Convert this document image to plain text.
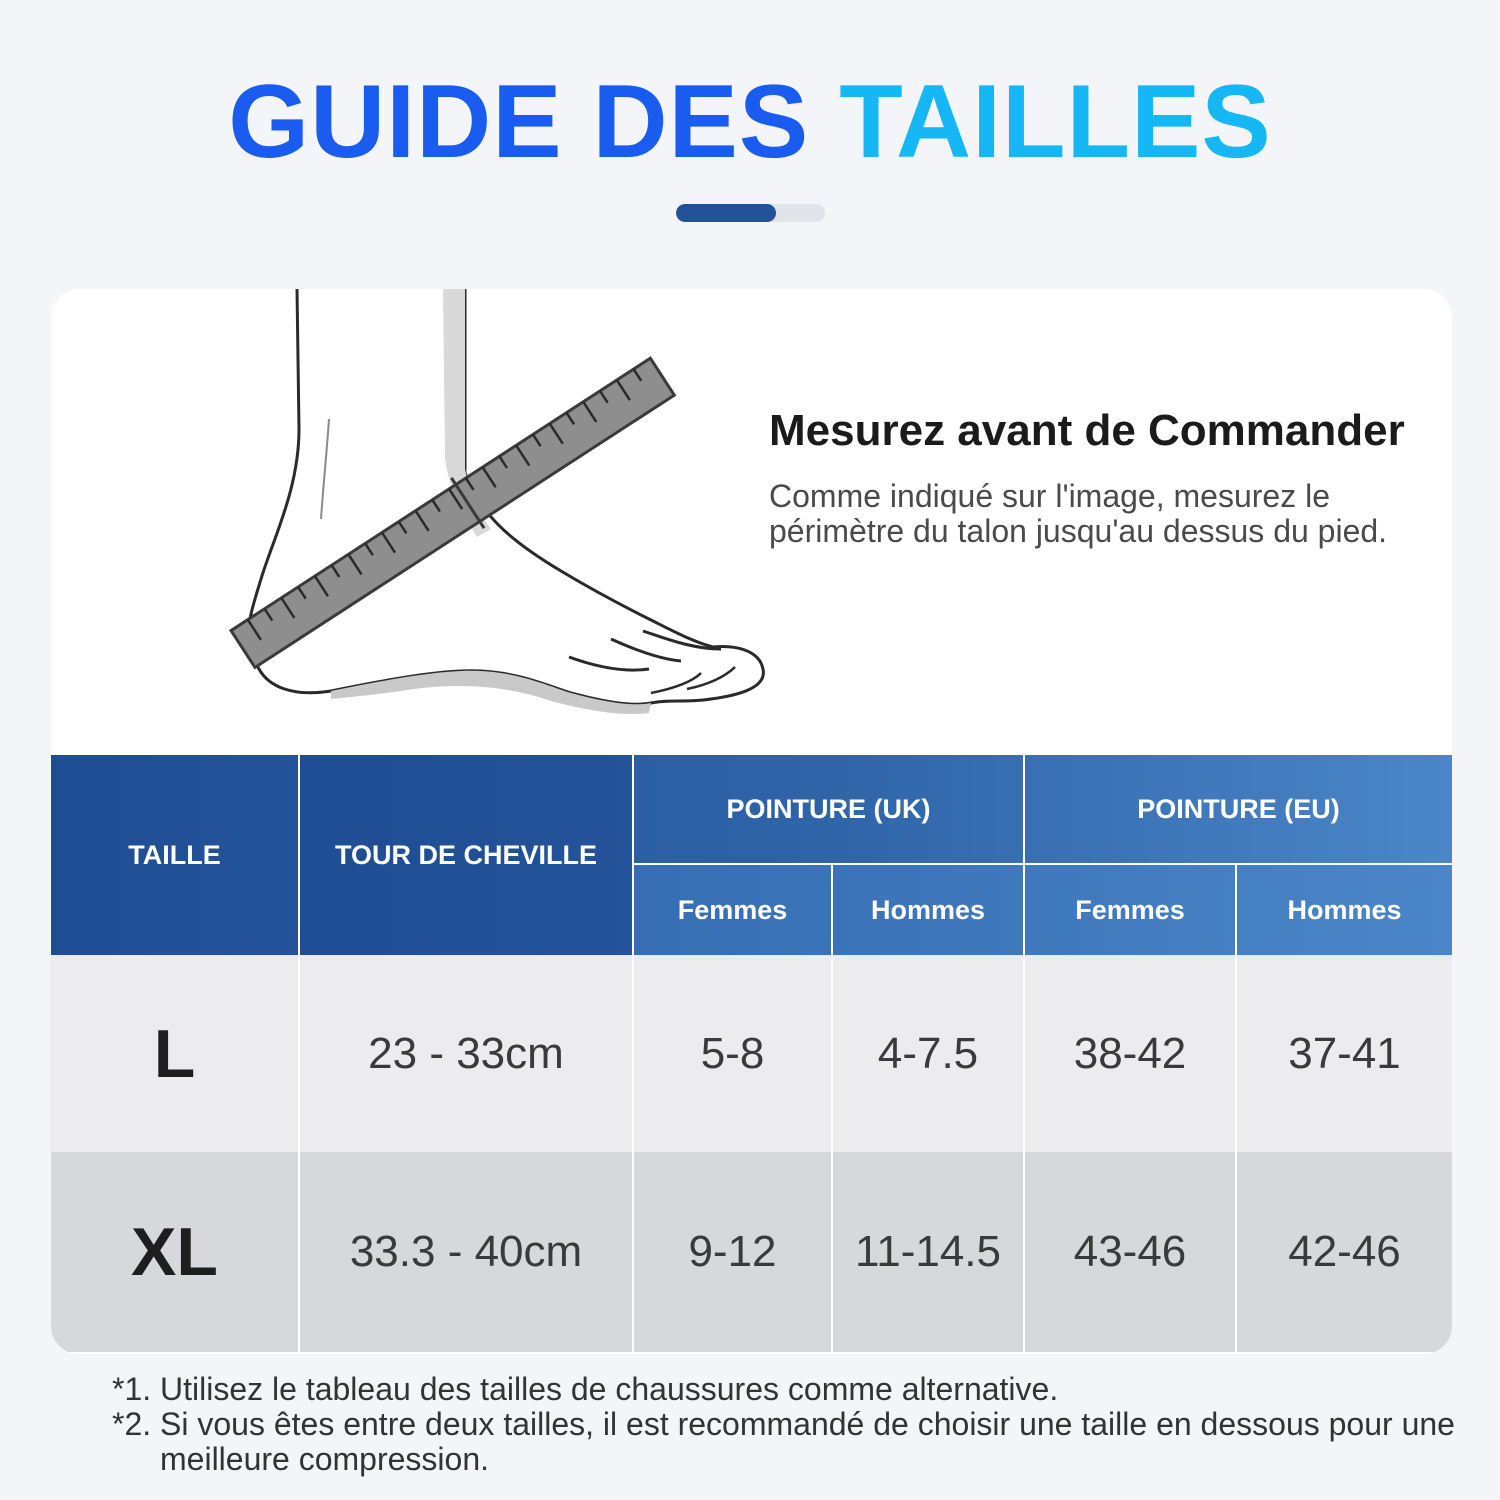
GUIDE DES TAILLES
Mesurez avant de Commander
Comme indiqué sur l'image, mesurez le périmètre du talon jusqu'au dessus du pied.
TAILLE	TOUR DE CHEVILLE	POINTURE (UK)		POINTURE (EU)	
		Femmes	Hommes	Femmes	Hommes
L	23 - 33cm	5-8	4-7.5	38-42	37-41
XL	33.3 - 40cm	9-12	11-14.5	43-46	42-46
*1. Utilisez le tableau des tailles de chaussures comme alternative.
*2. Si vous êtes entre deux tailles, il est recommandé de choisir une taille en dessous pour une meilleure compression.
